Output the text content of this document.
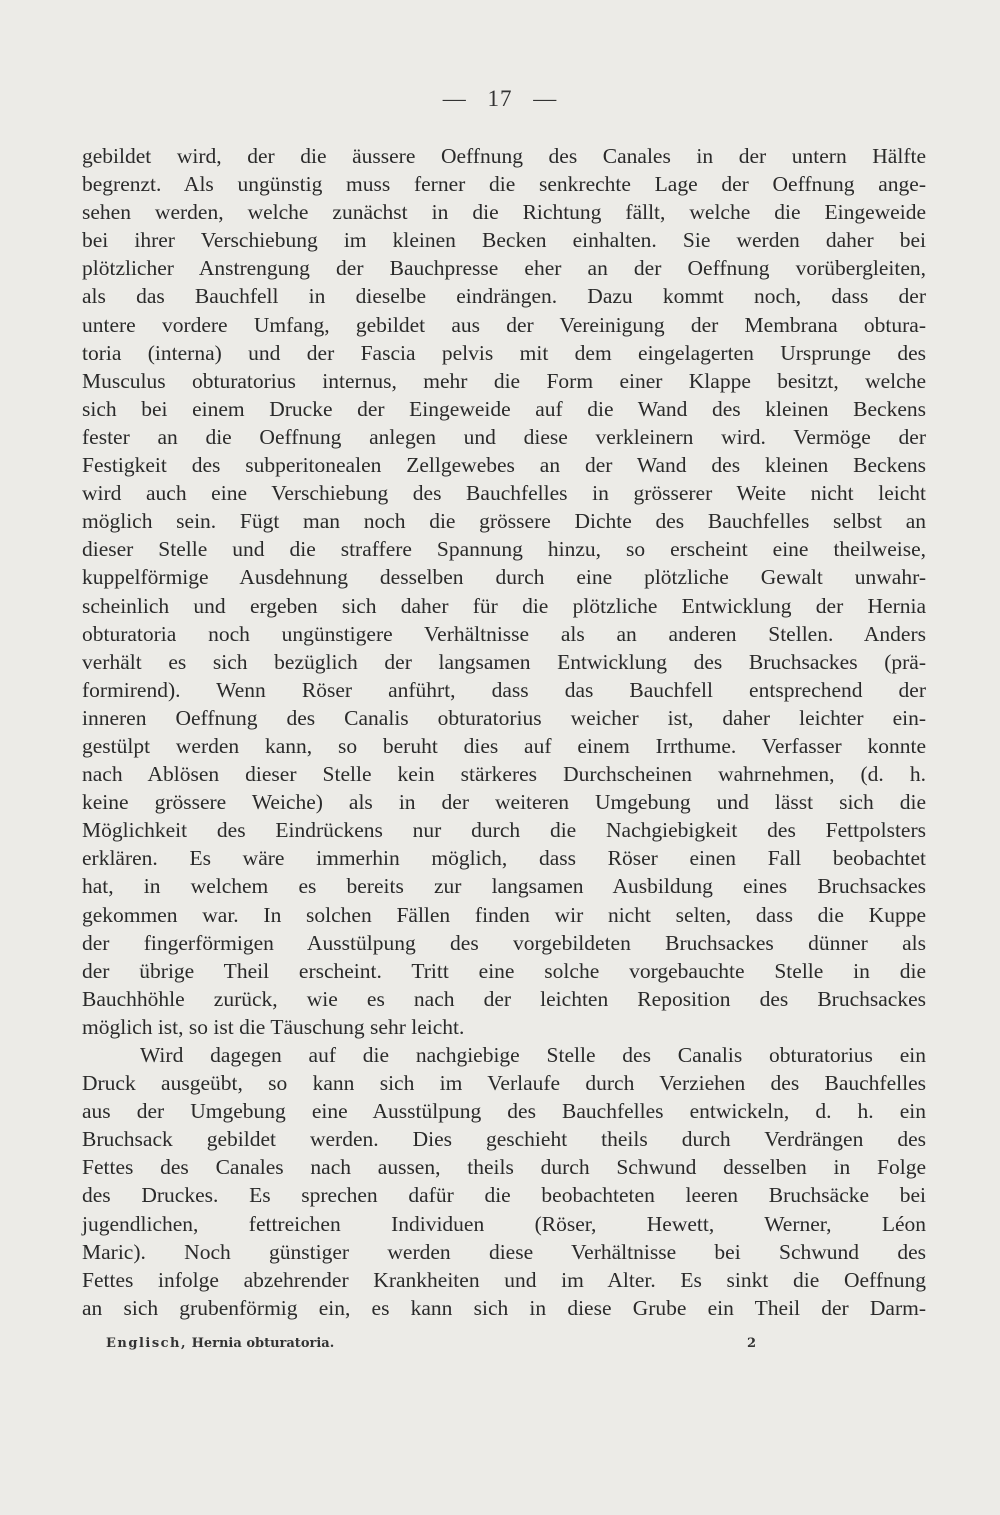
— 17 —
gebildet wird, der die äussere Oeffnung des Canales in der untern Hälfte
begrenzt. Als ungünstig muss ferner die senkrechte Lage der Oeffnung ange-
sehen werden, welche zunächst in die Richtung fällt, welche die Eingeweide
bei ihrer Verschiebung im kleinen Becken einhalten. Sie werden daher bei
plötzlicher Anstrengung der Bauchpresse eher an der Oeffnung vorübergleiten,
als das Bauchfell in dieselbe eindrängen. Dazu kommt noch, dass der
untere vordere Umfang, gebildet aus der Vereinigung der Membrana obtura-
toria (interna) und der Fascia pelvis mit dem eingelagerten Ursprunge des
Musculus obturatorius internus, mehr die Form einer Klappe besitzt, welche
sich bei einem Drucke der Eingeweide auf die Wand des kleinen Beckens
fester an die Oeffnung anlegen und diese verkleinern wird. Vermöge der
Festigkeit des subperitonealen Zellgewebes an der Wand des kleinen Beckens
wird auch eine Verschiebung des Bauchfelles in grösserer Weite nicht leicht
möglich sein. Fügt man noch die grössere Dichte des Bauchfelles selbst an
dieser Stelle und die straffere Spannung hinzu, so erscheint eine theilweise,
kuppelförmige Ausdehnung desselben durch eine plötzliche Gewalt unwahr-
scheinlich und ergeben sich daher für die plötzliche Entwicklung der Hernia
obturatoria noch ungünstigere Verhältnisse als an anderen Stellen. Anders
verhält es sich bezüglich der langsamen Entwicklung des Bruchsackes (prä-
formirend). Wenn Röser anführt, dass das Bauchfell entsprechend der
inneren Oeffnung des Canalis obturatorius weicher ist, daher leichter ein-
gestülpt werden kann, so beruht dies auf einem Irrthume. Verfasser konnte
nach Ablösen dieser Stelle kein stärkeres Durchscheinen wahrnehmen, (d. h.
keine grössere Weiche) als in der weiteren Umgebung und lässt sich die
Möglichkeit des Eindrückens nur durch die Nachgiebigkeit des Fettpolsters
erklären. Es wäre immerhin möglich, dass Röser einen Fall beobachtet
hat, in welchem es bereits zur langsamen Ausbildung eines Bruchsackes
gekommen war. In solchen Fällen finden wir nicht selten, dass die Kuppe
der fingerförmigen Ausstülpung des vorgebildeten Bruchsackes dünner als
der übrige Theil erscheint. Tritt eine solche vorgebauchte Stelle in die
Bauchhöhle zurück, wie es nach der leichten Reposition des Bruchsackes
möglich ist, so ist die Täuschung sehr leicht.
Wird dagegen auf die nachgiebige Stelle des Canalis obturatorius ein
Druck ausgeübt, so kann sich im Verlaufe durch Verziehen des Bauchfelles
aus der Umgebung eine Ausstülpung des Bauchfelles entwickeln, d. h. ein
Bruchsack gebildet werden. Dies geschieht theils durch Verdrängen des
Fettes des Canales nach aussen, theils durch Schwund desselben in Folge
des Druckes. Es sprechen dafür die beobachteten leeren Bruchsäcke bei
jugendlichen, fettreichen Individuen (Röser, Hewett, Werner, Léon
Maric). Noch günstiger werden diese Verhältnisse bei Schwund des
Fettes infolge abzehrender Krankheiten und im Alter. Es sinkt die Oeffnung
an sich grubenförmig ein, es kann sich in diese Grube ein Theil der Darm-
Englisch, Hernia obturatoria.	2
